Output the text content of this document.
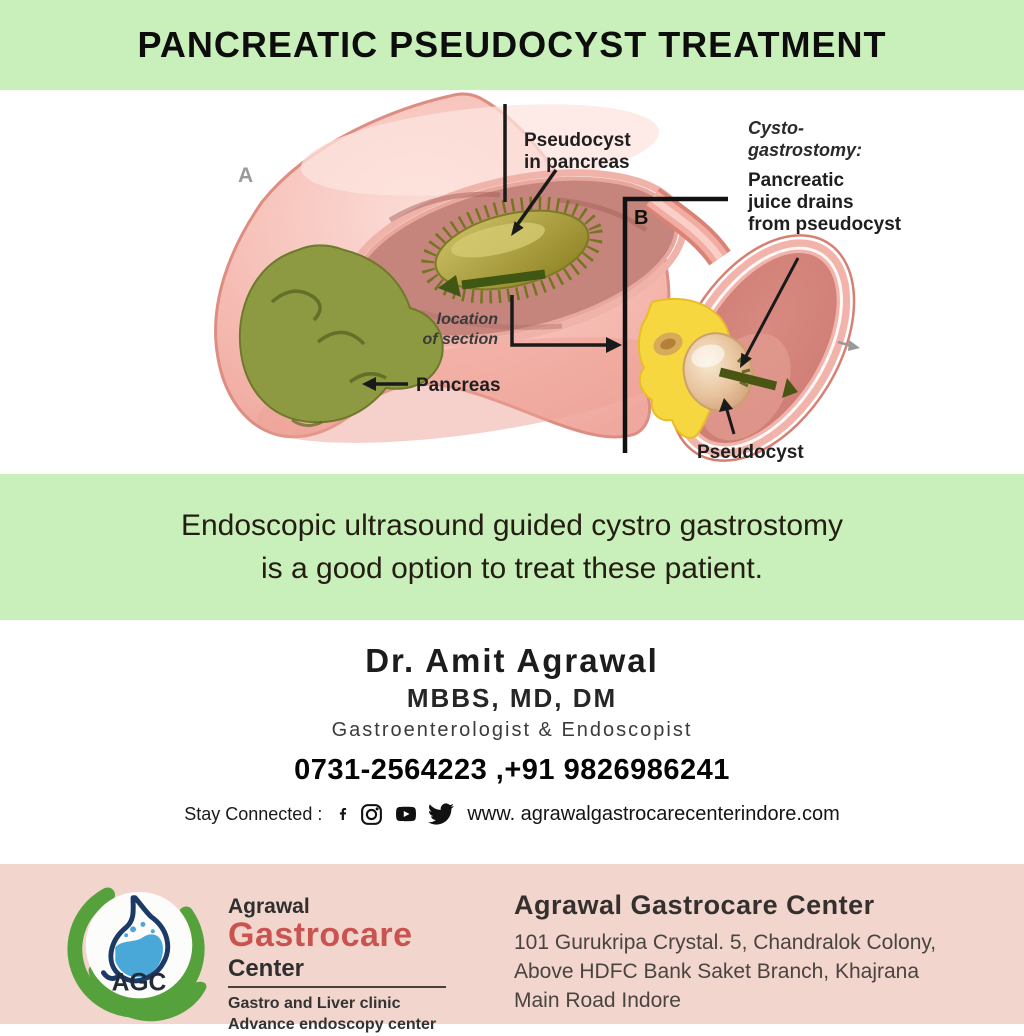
PANCREATIC PSEUDOCYST TREATMENT
A
Pseudocyst
in pancreas
location
of section
Pancreas
B
Pseudocyst
Cysto-
gastrostomy:
Pancreatic
juice drains
from pseudocyst
Endoscopic ultrasound guided cystro gastrostomy
is a good option to treat these patient.
Dr. Amit Agrawal
MBBS, MD, DM
Gastroenterologist & Endoscopist
0731-2564223 ,+91 9826986241
Stay Connected :	www. agrawalgastrocarecenterindore.com
AGC
Agrawal
Gastrocare
Center
Gastro and Liver clinic
Advance endoscopy center
Agrawal Gastrocare Center
101 Gurukripa Crystal. 5, Chandralok Colony,
Above HDFC Bank Saket Branch, Khajrana
Main Road Indore
